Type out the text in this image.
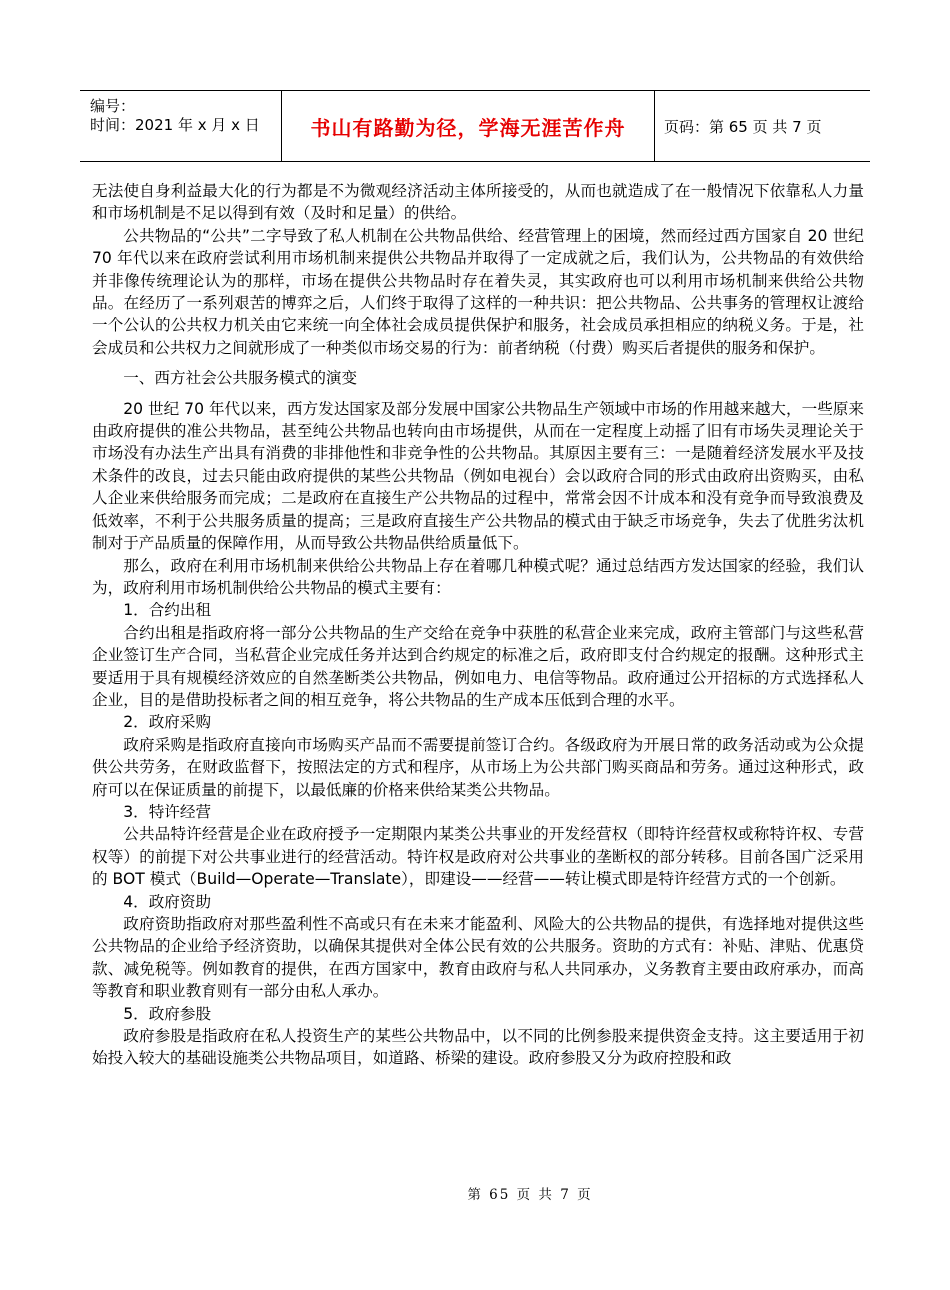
编号：
时间：2021 年 x 月 x 日	书山有路勤为径，学海无涯苦作舟	页码：第 65 页 共 7 页

无法使自身利益最大化的行为都是不为微观经济活动主体所接受的，从而也就造成了在一般情况下依靠私人力量和市场机制是不足以得到有效（及时和足量）的供给。

公共物品的“公共”二字导致了私人机制在公共物品供给、经营管理上的困境，然而经过西方国家自 20 世纪 70 年代以来在政府尝试利用市场机制来提供公共物品并取得了一定成就之后，我们认为，公共物品的有效供给并非像传统理论认为的那样，市场在提供公共物品时存在着失灵，其实政府也可以利用市场机制来供给公共物品。在经历了一系列艰苦的博弈之后，人们终于取得了这样的一种共识：把公共物品、公共事务的管理权让渡给一个公认的公共权力机关由它来统一向全体社会成员提供保护和服务，社会成员承担相应的纳税义务。于是，社会成员和公共权力之间就形成了一种类似市场交易的行为：前者纳税（付费）购买后者提供的服务和保护。

一、西方社会公共服务模式的演变

20 世纪 70 年代以来，西方发达国家及部分发展中国家公共物品生产领域中市场的作用越来越大，一些原来由政府提供的准公共物品，甚至纯公共物品也转向由市场提供，从而在一定程度上动摇了旧有市场失灵理论关于市场没有办法生产出具有消费的非排他性和非竞争性的公共物品。其原因主要有三：一是随着经济发展水平及技术条件的改良，过去只能由政府提供的某些公共物品（例如电视台）会以政府合同的形式由政府出资购买，由私人企业来供给服务而完成；二是政府在直接生产公共物品的过程中，常常会因不计成本和没有竞争而导致浪费及低效率，不利于公共服务质量的提高；三是政府直接生产公共物品的模式由于缺乏市场竞争，失去了优胜劣汰机制对于产品质量的保障作用，从而导致公共物品供给质量低下。

那么，政府在利用市场机制来供给公共物品上存在着哪几种模式呢？通过总结西方发达国家的经验，我们认为，政府利用市场机制供给公共物品的模式主要有：

1．合约出租

合约出租是指政府将一部分公共物品的生产交给在竞争中获胜的私营企业来完成，政府主管部门与这些私营企业签订生产合同，当私营企业完成任务并达到合约规定的标准之后，政府即支付合约规定的报酬。这种形式主要适用于具有规模经济效应的自然垄断类公共物品，例如电力、电信等物品。政府通过公开招标的方式选择私人企业，目的是借助投标者之间的相互竞争，将公共物品的生产成本压低到合理的水平。

2．政府采购

政府采购是指政府直接向市场购买产品而不需要提前签订合约。各级政府为开展日常的政务活动或为公众提供公共劳务，在财政监督下，按照法定的方式和程序，从市场上为公共部门购买商品和劳务。通过这种形式，政府可以在保证质量的前提下，以最低廉的价格来供给某类公共物品。

3．特许经营

公共品特许经营是企业在政府授予一定期限内某类公共事业的开发经营权（即特许经营权或称特许权、专营权等）的前提下对公共事业进行的经营活动。特许权是政府对公共事业的垄断权的部分转移。目前各国广泛采用的 BOT 模式（Build—Operate—Translate），即建设——经营——转让模式即是特许经营方式的一个创新。

4．政府资助

政府资助指政府对那些盈利性不高或只有在未来才能盈利、风险大的公共物品的提供，有选择地对提供这些公共物品的企业给予经济资助，以确保其提供对全体公民有效的公共服务。资助的方式有：补贴、津贴、优惠贷款、减免税等。例如教育的提供，在西方国家中，教育由政府与私人共同承办，义务教育主要由政府承办，而高等教育和职业教育则有一部分由私人承办。

5．政府参股

政府参股是指政府在私人投资生产的某些公共物品中，以不同的比例参股来提供资金支持。这主要适用于初始投入较大的基础设施类公共物品项目，如道路、桥梁的建设。政府参股又分为政府控股和政

第 65 页 共 7 页
